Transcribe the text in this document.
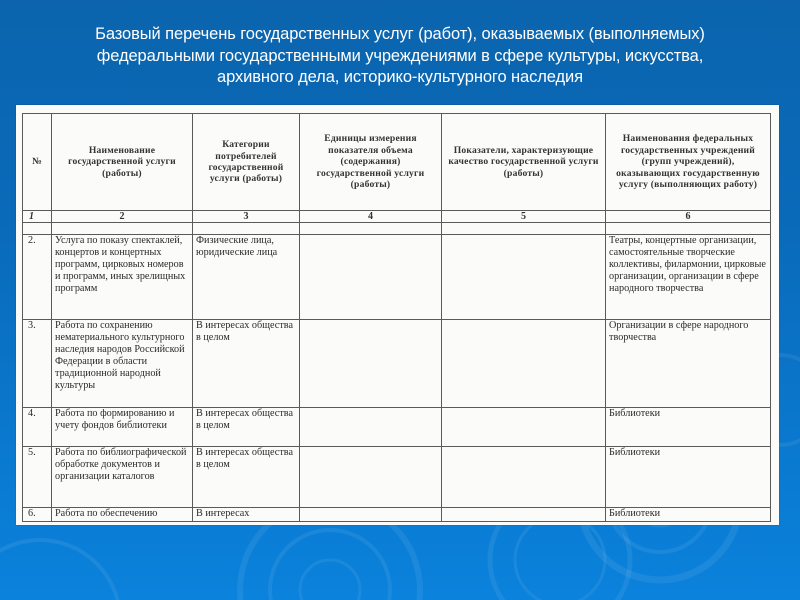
Базовый перечень государственных услуг (работ), оказываемых (выполняемых)
федеральными государственными учреждениями в сфере культуры, искусства,
архивного дела, историко-культурного наследия
№	Наименование государственной услуги (работы)	Категории потребителей государственной услуги (работы)	Единицы измерения показателя объема (содержания) государственной услуги (работы)	Показатели, характеризующие качество государственной услуги (работы)	Наименования федеральных государственных учреждений (групп учреждений), оказывающих государственную услугу (выполняющих работу)
1	2	3	4	5	6

2.	Услуга по показу спектаклей, концертов и концертных программ, цирковых номеров и программ, иных зрелищных программ	Физические лица, юридические лица			Театры, концертные организации, самостоятельные творческие коллективы, филармонии, цирковые организации, организации в сфере народного творчества
3.	Работа по сохранению нематериального культурного наследия народов Российской Федерации в области традиционной народной культуры	В интересах общества в целом			Организации в сфере народного творчества
4.	Работа по формированию и учету фондов библиотеки	В интересах общества в целом			Библиотеки
5.	Работа по библиографической обработке документов и организации каталогов	В интересах общества в целом			Библиотеки
6.	Работа по обеспечению	В интересах			Библиотеки
